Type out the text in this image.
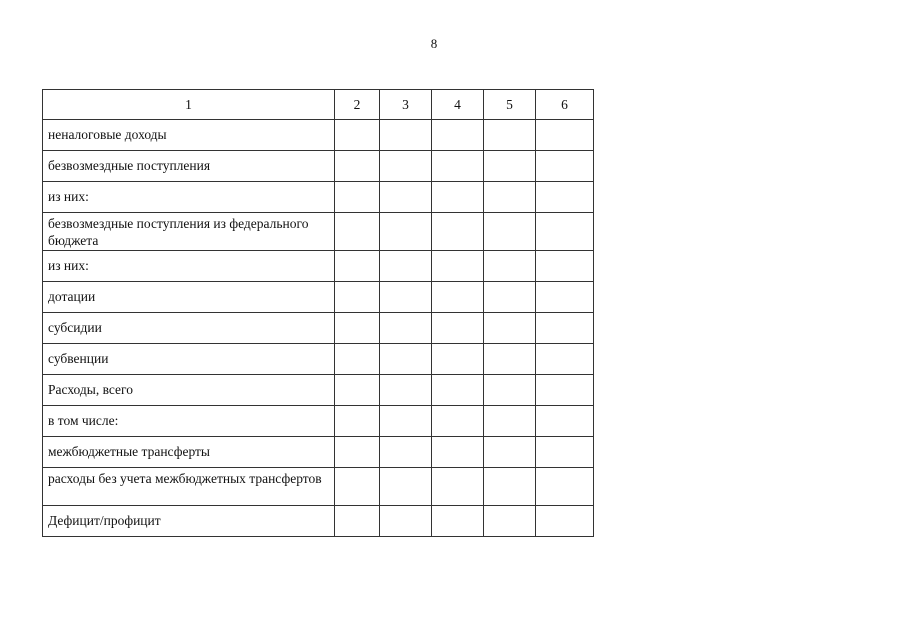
8
1	2	3	4	5	6

неналоговые доходы					

безвозмездные поступления					

из них:					

безвозмездные поступления из федерального бюджета					

из них:					

дотации					

субсидии					

субвенции					

Расходы, всего					

в том числе:					

межбюджетные трансферты					

расходы без учета межбюджетных трансфертов					

Дефицит/профицит					
